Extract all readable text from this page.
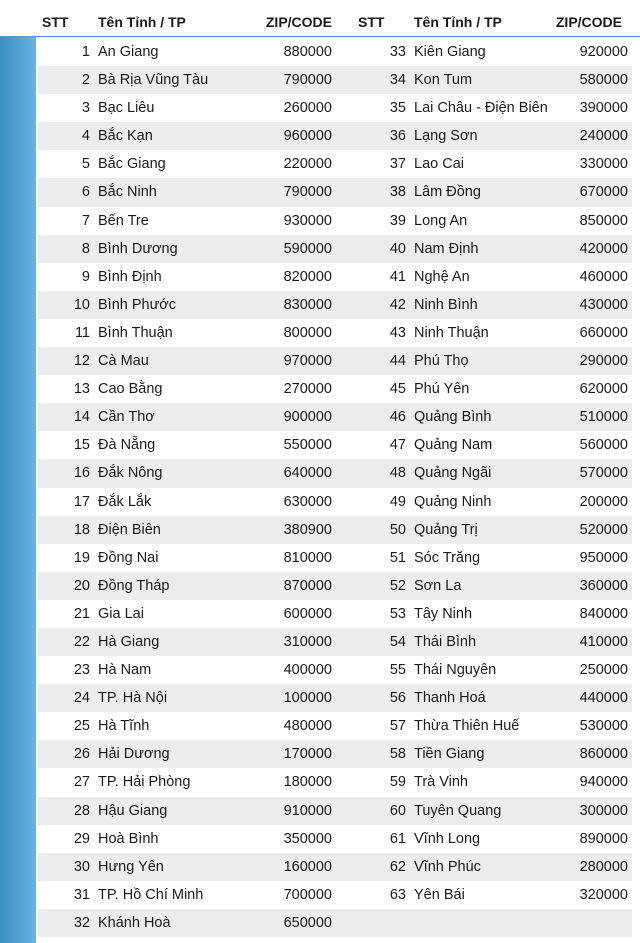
STT Tên Tỉnh / TP	ZIP/CODE STT Tên Tỉnh / TP	ZIP/CODE
1 An Giang	880000	33 Kiên Giang	920000
2 Bà Rịa Vũng Tàu	790000	34 Kon Tum	580000
3 Bạc Liêu	260000	35 Lai Châu - Điện Biên 390000
4 Bắc Kạn	960000	36 Lạng Sơn	240000
5 Bắc Giang	220000	37 Lao Cai	330000
6 Bắc Ninh	790000	38 Lâm Đồng	670000
7 Bến Tre	930000	39 Long An	850000
8 Bình Dương	590000	40 Nam Định	420000
9 Bình Định	820000	41 Nghệ An	460000
10 Bình Phước	830000	42 Ninh Bình	430000
11 Bình Thuận	800000	43 Ninh Thuận	660000
12 Cà Mau	970000	44 Phú Thọ	290000
13 Cao Bằng	270000	45 Phú Yên	620000
14 Cần Thơ	900000	46 Quảng Bình	510000
15 Đà Nẵng	550000	47 Quảng Nam	560000
16 Đắk Nông	640000	48 Quảng Ngãi	570000
17 Đắk Lắk	630000	49 Quảng Ninh	200000
18 Điện Biên	380900	50 Quảng Trị	520000
19 Đồng Nai	810000	51 Sóc Trăng	950000
20 Đồng Tháp	870000	52 Sơn La	360000
21 Gia Lai	600000	53 Tây Ninh	840000
22 Hà Giang	310000	54 Thái Bình	410000
23 Hà Nam	400000	55 Thái Nguyên	250000
24 TP. Hà Nội	100000	56 Thanh Hoá	440000
25 Hà Tĩnh	480000	57 Thừa Thiên Huế	530000
26 Hải Dương	170000	58 Tiền Giang	860000
27 TP. Hải Phòng	180000	59 Trà Vinh	940000
28 Hậu Giang	910000	60 Tuyên Quang	300000
29 Hoà Bình	350000	61 Vĩnh Long	890000
30 Hưng Yên	160000	62 Vĩnh Phúc	280000
31 TP. Hồ Chí Minh	700000	63 Yên Bái	320000
32 Khánh Hoà	650000
